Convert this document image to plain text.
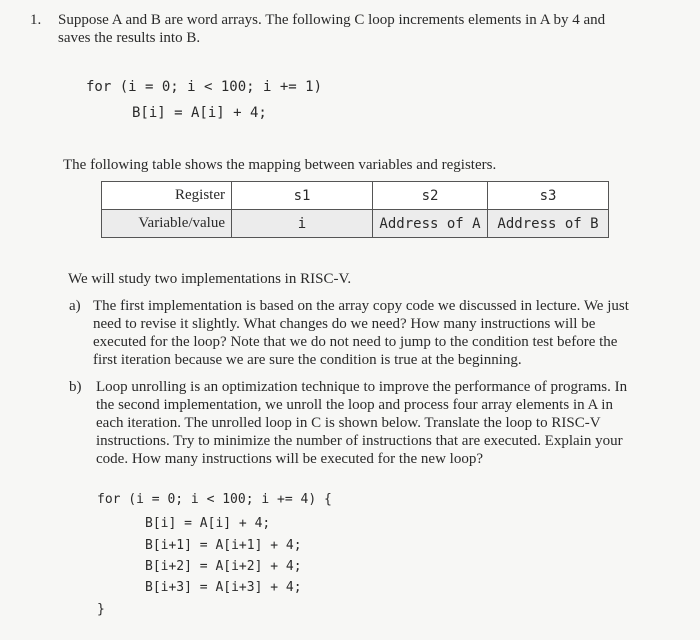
1. Suppose A and B are word arrays. The following C loop increments elements in A by 4 and
saves the results into B.
for (i = 0; i < 100; i += 1)
B[i] = A[i] + 4;
The following table shows the mapping between variables and registers.
Register	s1	s2	s3
Variable/value	i	Address of A	Address of B
We will study two implementations in RISC-V.
a) The first implementation is based on the array copy code we discussed in lecture. We just
need to revise it slightly. What changes do we need? How many instructions will be
executed for the loop? Note that we do not need to jump to the condition test before the
first iteration because we are sure the condition is true at the beginning.
b) Loop unrolling is an optimization technique to improve the performance of programs. In
the second implementation, we unroll the loop and process four array elements in A in
each iteration. The unrolled loop in C is shown below. Translate the loop to RISC-V
instructions. Try to minimize the number of instructions that are executed. Explain your
code. How many instructions will be executed for the new loop?
for (i = 0; i < 100; i += 4) {
B[i] = A[i] + 4;
B[i+1] = A[i+1] + 4;
B[i+2] = A[i+2] + 4;
B[i+3] = A[i+3] + 4;
}
